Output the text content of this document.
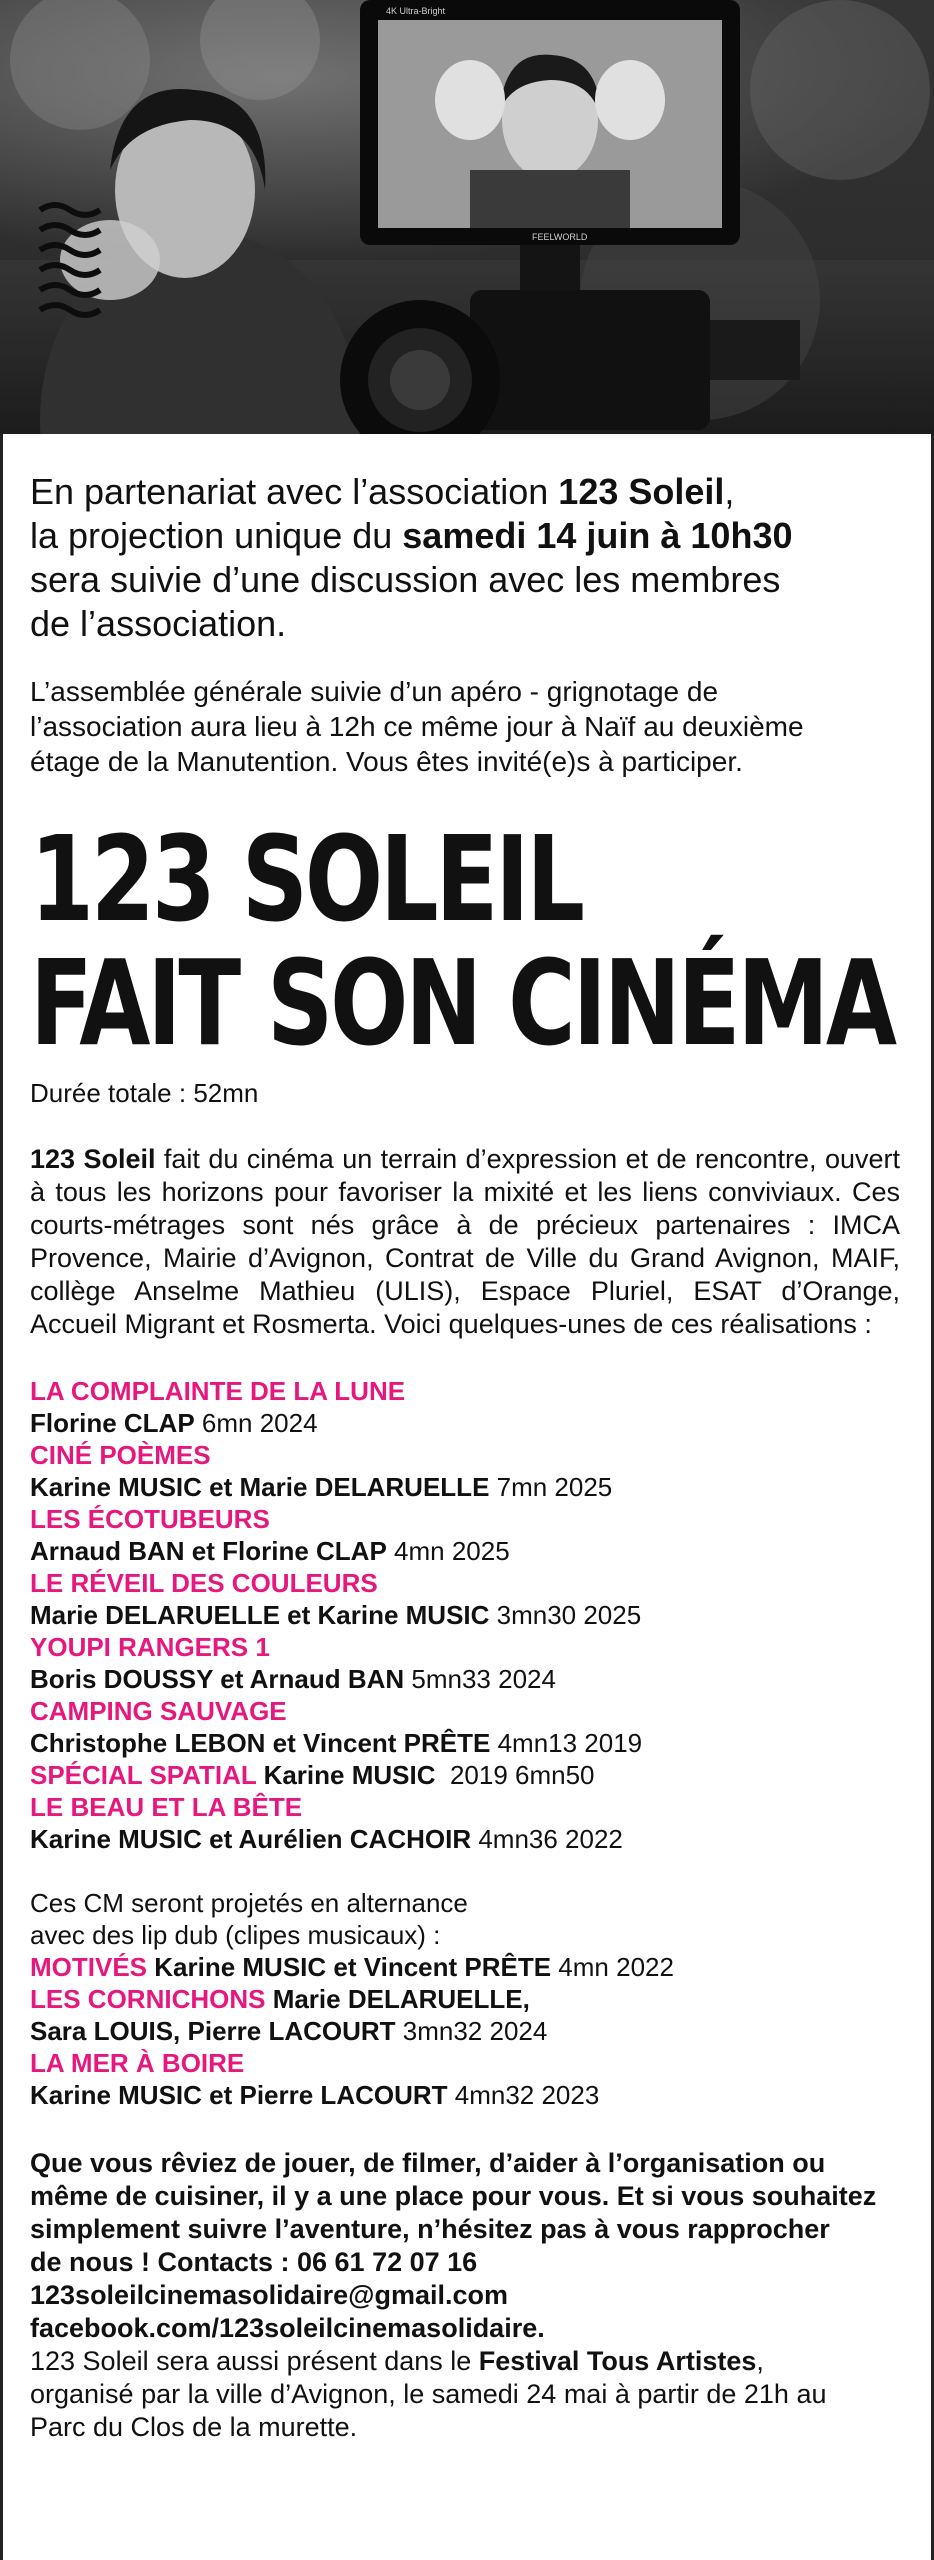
4K Ultra-Bright
FEELWORLD
En partenariat avec l’association 123 Soleil,
la projection unique du samedi 14 juin à 10h30
sera suivie d’une discussion avec les membres
de l’association.
L’assemblée générale suivie d’un apéro - grignotage de
l’association aura lieu à 12h ce même jour à Naïf au deuxième
étage de la Manutention. Vous êtes invité(e)s à participer.
123 SOLEIL
FAIT SON CINÉMA
Durée totale : 52mn
123 Soleil fait du cinéma un terrain d’expression et de rencontre, ouvert à tous les horizons pour favoriser la mixité et les liens conviviaux. Ces courts-métrages sont nés grâce à de précieux partenaires : IMCA Provence, Mairie d’Avignon, Contrat de Ville du Grand Avignon, MAIF, collège Anselme Mathieu (ULIS), Espace Pluriel, ESAT d’Orange, Accueil Migrant et Rosmerta. Voici quelques-unes de ces réalisations :
LA COMPLAINTE DE LA LUNE
Florine CLAP 6mn 2024
CINÉ POÈMES
Karine MUSIC et Marie DELARUELLE 7mn 2025
LES ÉCOTUBEURS
Arnaud BAN et Florine CLAP 4mn 2025
LE RÉVEIL DES COULEURS
Marie DELARUELLE et Karine MUSIC 3mn30 2025
YOUPI RANGERS 1
Boris DOUSSY et Arnaud BAN 5mn33 2024
CAMPING SAUVAGE
Christophe LEBON et Vincent PRÊTE 4mn13 2019
SPÉCIAL SPATIAL Karine MUSIC  2019 6mn50
LE BEAU ET LA BÊTE
Karine MUSIC et Aurélien CACHOIR 4mn36 2022
Ces CM seront projetés en alternance
avec des lip dub (clipes musicaux) :
MOTIVÉS Karine MUSIC et Vincent PRÊTE 4mn 2022
LES CORNICHONS Marie DELARUELLE,
Sara LOUIS, Pierre LACOURT 3mn32 2024
LA MER À BOIRE
Karine MUSIC et Pierre LACOURT 4mn32 2023
Que vous rêviez de jouer, de filmer, d’aider à l’organisation ou
même de cuisiner, il y a une place pour vous. Et si vous souhaitez
simplement suivre l’aventure, n’hésitez pas à vous rapprocher
de nous ! Contacts : 06 61 72 07 16
123soleilcinemasolidaire@gmail.com
facebook.com/123soleilcinemasolidaire.
123 Soleil sera aussi présent dans le Festival Tous Artistes,
organisé par la ville d’Avignon, le samedi 24 mai à partir de 21h au
Parc du Clos de la murette.
